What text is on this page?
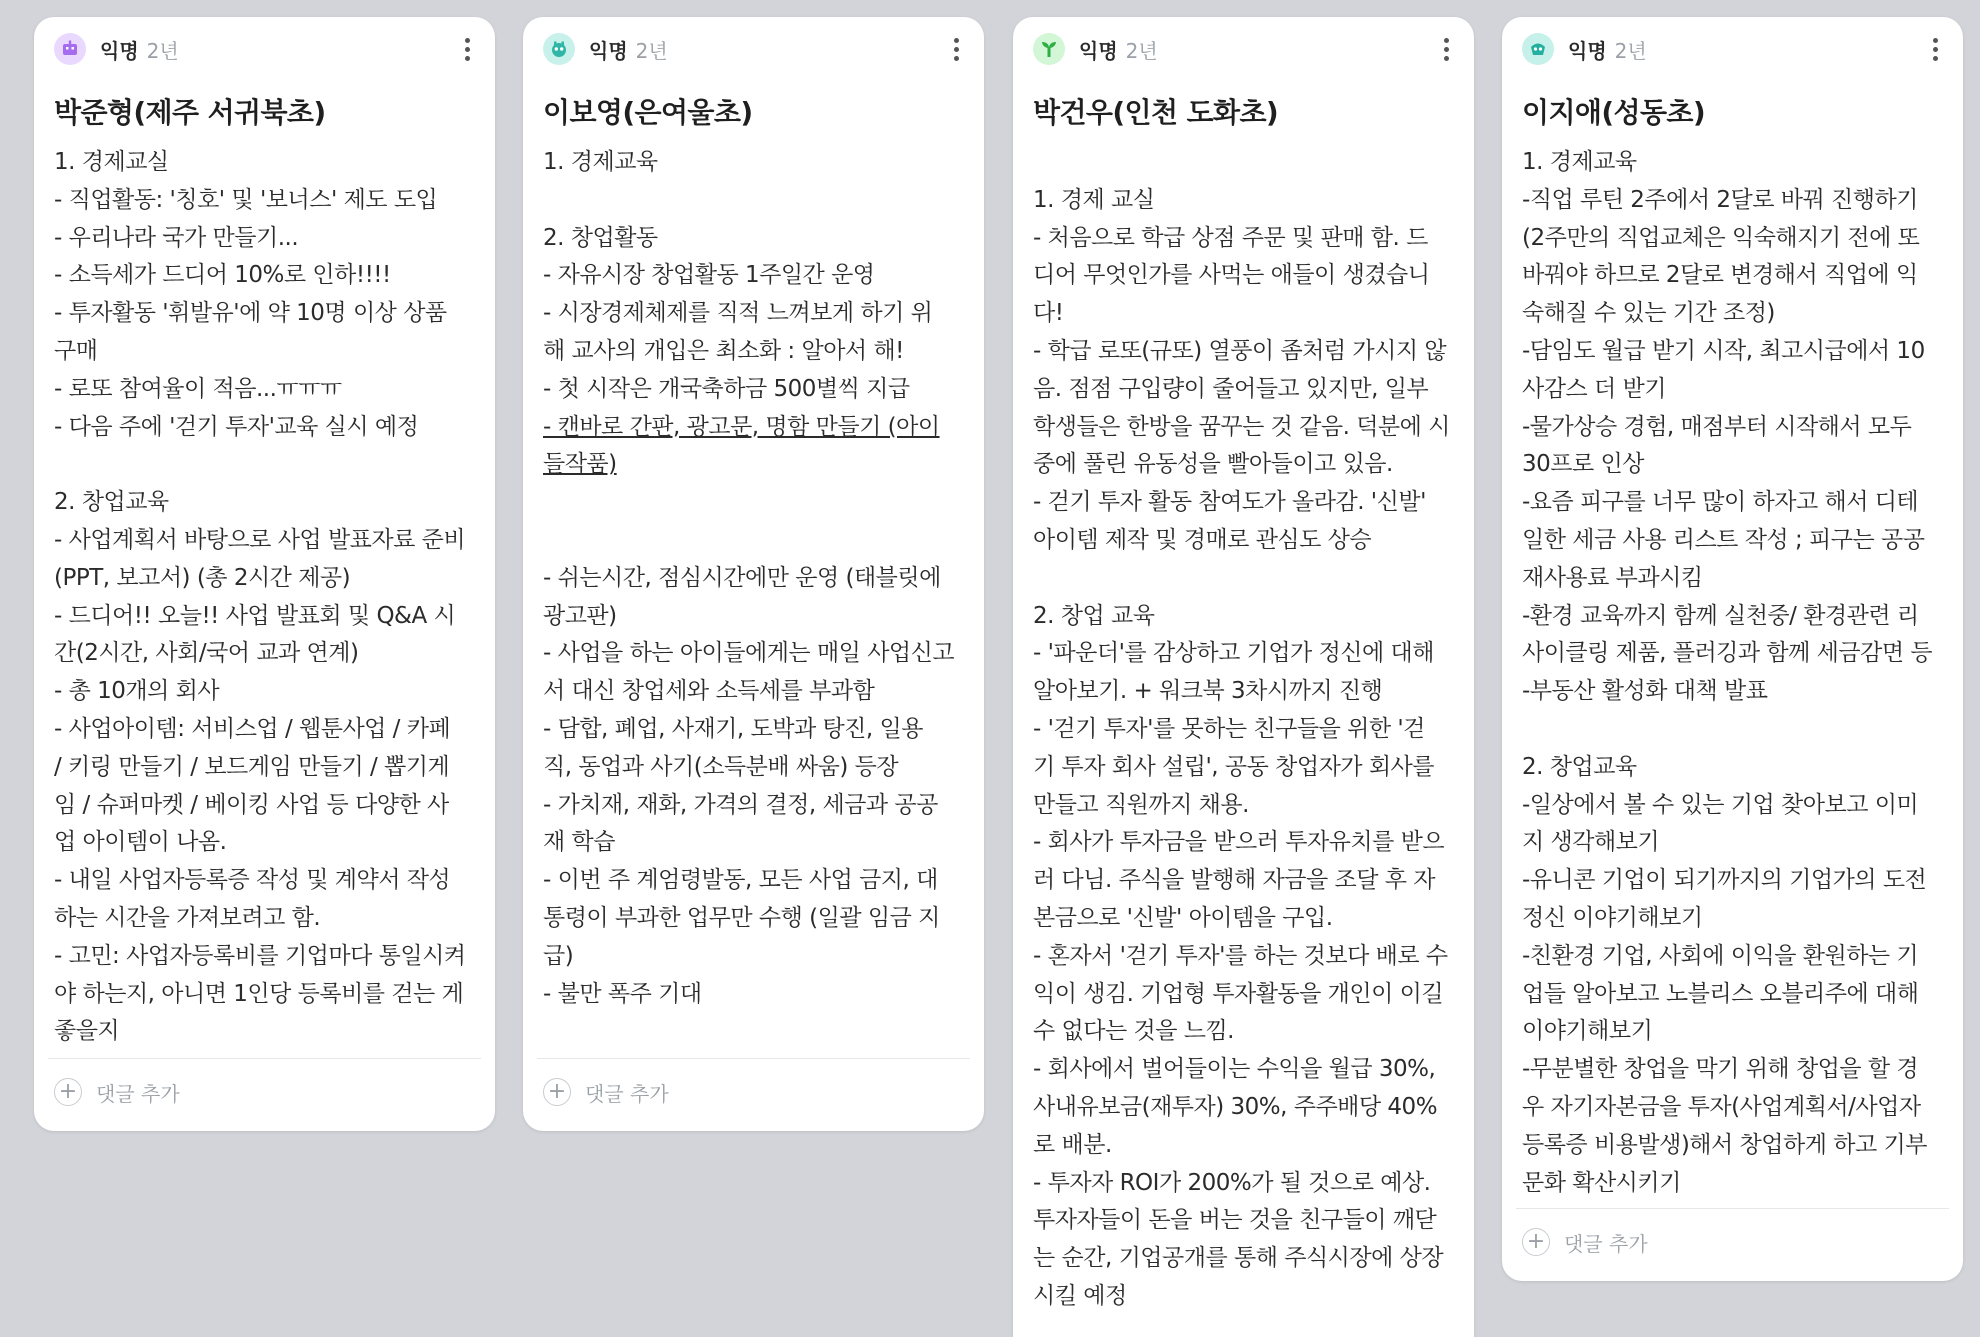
익명 2년
박준형(제주 서귀북초)
1. 경제교실
- 직업활동: '칭호' 및 '보너스' 제도 도입
- 우리나라 국가 만들기...
- 소득세가 드디어 10%로 인하!!!!
- 투자활동 '휘발유'에 약 10명 이상 상품
구매
- 로또 참여율이 적음...ㅠㅠㅠ
- 다음 주에 '걷기 투자'교육 실시 예정
2. 창업교육
- 사업계획서 바탕으로 사업 발표자료 준비
(PPT, 보고서) (총 2시간 제공)
- 드디어!! 오늘!! 사업 발표회 및 Q&A 시
간(2시간, 사회/국어 교과 연계)
- 총 10개의 회사
- 사업아이템: 서비스업 / 웹툰사업 / 카페
/ 키링 만들기 / 보드게임 만들기 / 뽑기게
임 / 슈퍼마켓 / 베이킹 사업 등 다양한 사
업 아이템이 나옴.
- 내일 사업자등록증 작성 및 계약서 작성
하는 시간을 가져보려고 함.
- 고민: 사업자등록비를 기업마다 통일시켜
야 하는지, 아니면 1인당 등록비를 걷는 게
좋을지
+ 댓글 추가
익명 2년
이보영(은여울초)
1. 경제교육
2. 창업활동
- 자유시장 창업활동 1주일간 운영
- 시장경제체제를 직적 느껴보게 하기 위
해 교사의 개입은 최소화 : 알아서 해!
- 첫 시작은 개국축하금 500별씩 지급
- 캔바로 간판, 광고문, 명함 만들기 (아이
들작품)
- 쉬는시간, 점심시간에만 운영 (태블릿에
광고판)
- 사업을 하는 아이들에게는 매일 사업신고
서 대신 창업세와 소득세를 부과함
- 담합, 폐업, 사재기, 도박과 탕진, 일용
직, 동업과 사기(소득분배 싸움) 등장
- 가치재, 재화, 가격의 결정, 세금과 공공
재 학습
- 이번 주 계엄령발동, 모든 사업 금지, 대
통령이 부과한 업무만 수행 (일괄 임금 지
급)
- 불만 폭주 기대
+ 댓글 추가
익명 2년
박건우(인천 도화초)
1. 경제 교실
- 처음으로 학급 상점 주문 및 판매 함. 드
디어 무엇인가를 사먹는 애들이 생겼습니
다!
- 학급 로또(규또) 열풍이 좀처럼 가시지 않
음. 점점 구입량이 줄어들고 있지만, 일부
학생들은 한방을 꿈꾸는 것 같음. 덕분에 시
중에 풀린 유동성을 빨아들이고 있음.
- 걷기 투자 활동 참여도가 올라감. '신발'
아이템 제작 및 경매로 관심도 상승
2. 창업 교육
- '파운더'를 감상하고 기업가 정신에 대해
알아보기. + 워크북 3차시까지 진행
- '걷기 투자'를 못하는 친구들을 위한 '걷
기 투자 회사 설립', 공동 창업자가 회사를
만들고 직원까지 채용.
- 회사가 투자금을 받으러 투자유치를 받으
러 다님. 주식을 발행해 자금을 조달 후 자
본금으로 '신발' 아이템을 구입.
- 혼자서 '걷기 투자'를 하는 것보다 배로 수
익이 생김. 기업형 투자활동을 개인이 이길
수 없다는 것을 느낌.
- 회사에서 벌어들이는 수익을 월급 30%,
사내유보금(재투자) 30%, 주주배당 40%
로 배분.
- 투자자 ROI가 200%가 될 것으로 예상.
투자자들이 돈을 버는 것을 친구들이 깨닫
는 순간, 기업공개를 통해 주식시장에 상장
시킬 예정
익명 2년
이지애(성동초)
1. 경제교육
-직업 루틴 2주에서 2달로 바꿔 진행하기
(2주만의 직업교체은 익숙해지기 전에 또
바꿔야 하므로 2달로 변경해서 직업에 익
숙해질 수 있는 기간 조정)
-담임도 월급 받기 시작, 최고시급에서 10
사감스 더 받기
-물가상승 경험, 매점부터 시작해서 모두
30프로 인상
-요즘 피구를 너무 많이 하자고 해서 디테
일한 세금 사용 리스트 작성 ; 피구는 공공
재사용료 부과시킴
-환경 교육까지 함께 실천중/ 환경관련 리
사이클링 제품, 플러깅과 함께 세금감면 등
-부동산 활성화 대책 발표
2. 창업교육
-일상에서 볼 수 있는 기업 찾아보고 이미
지 생각해보기
-유니콘 기업이 되기까지의 기업가의 도전
정신 이야기해보기
-친환경 기업, 사회에 이익을 환원하는 기
업들 알아보고 노블리스 오블리주에 대해
이야기해보기
-무분별한 창업을 막기 위해 창업을 할 경
우 자기자본금을 투자(사업계획서/사업자
등록증 비용발생)해서 창업하게 하고 기부
문화 확산시키기
+ 댓글 추가
